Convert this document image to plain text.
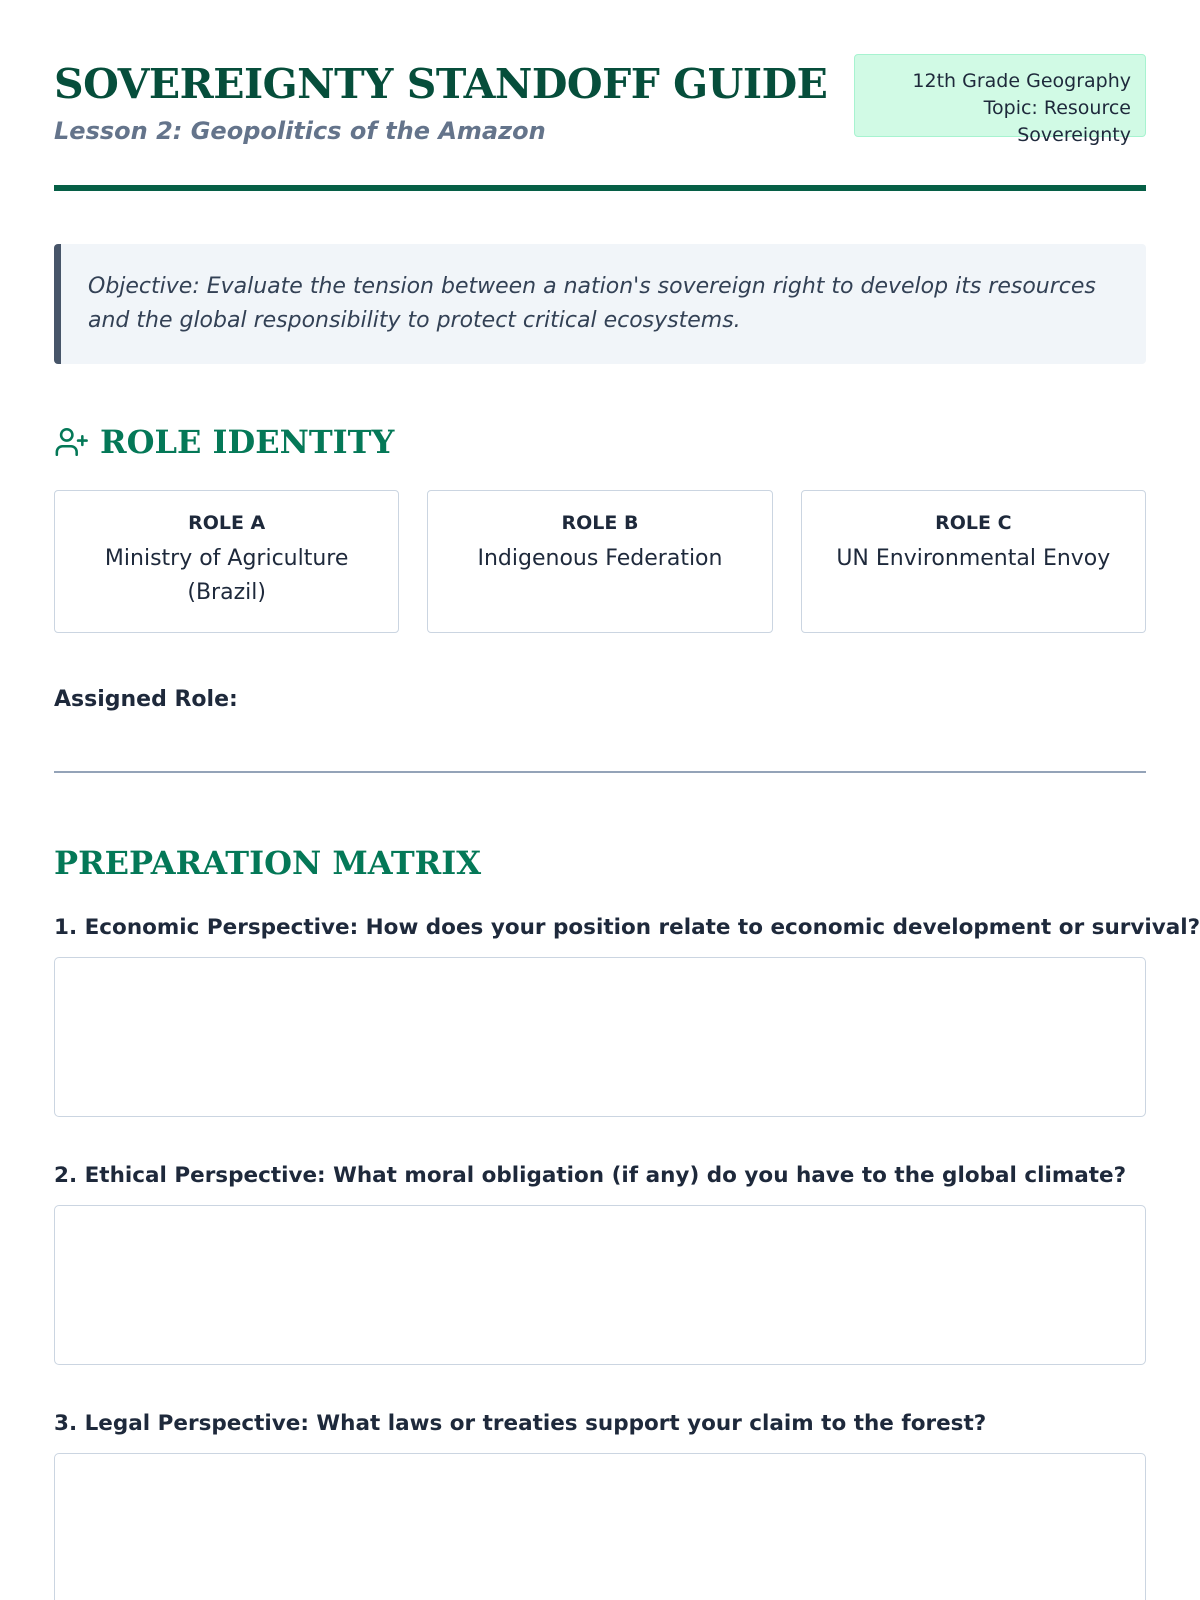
SOVEREIGNTY STANDOFF GUIDE
Lesson 2: Geopolitics of the Amazon
12th Grade Geography
Topic: Resource Sovereignty
Objective: Evaluate the tension between a nation's sovereign right to develop its resources and the global responsibility to protect critical ecosystems.
ROLE IDENTITY
ROLE A
Ministry of Agriculture (Brazil)
ROLE B
Indigenous Federation
ROLE C
UN Environmental Envoy
Assigned Role:
PREPARATION MATRIX
1. Economic Perspective: How does your position relate to economic development or survival?
2. Ethical Perspective: What moral obligation (if any) do you have to the global climate?
3. Legal Perspective: What laws or treaties support your claim to the forest?
